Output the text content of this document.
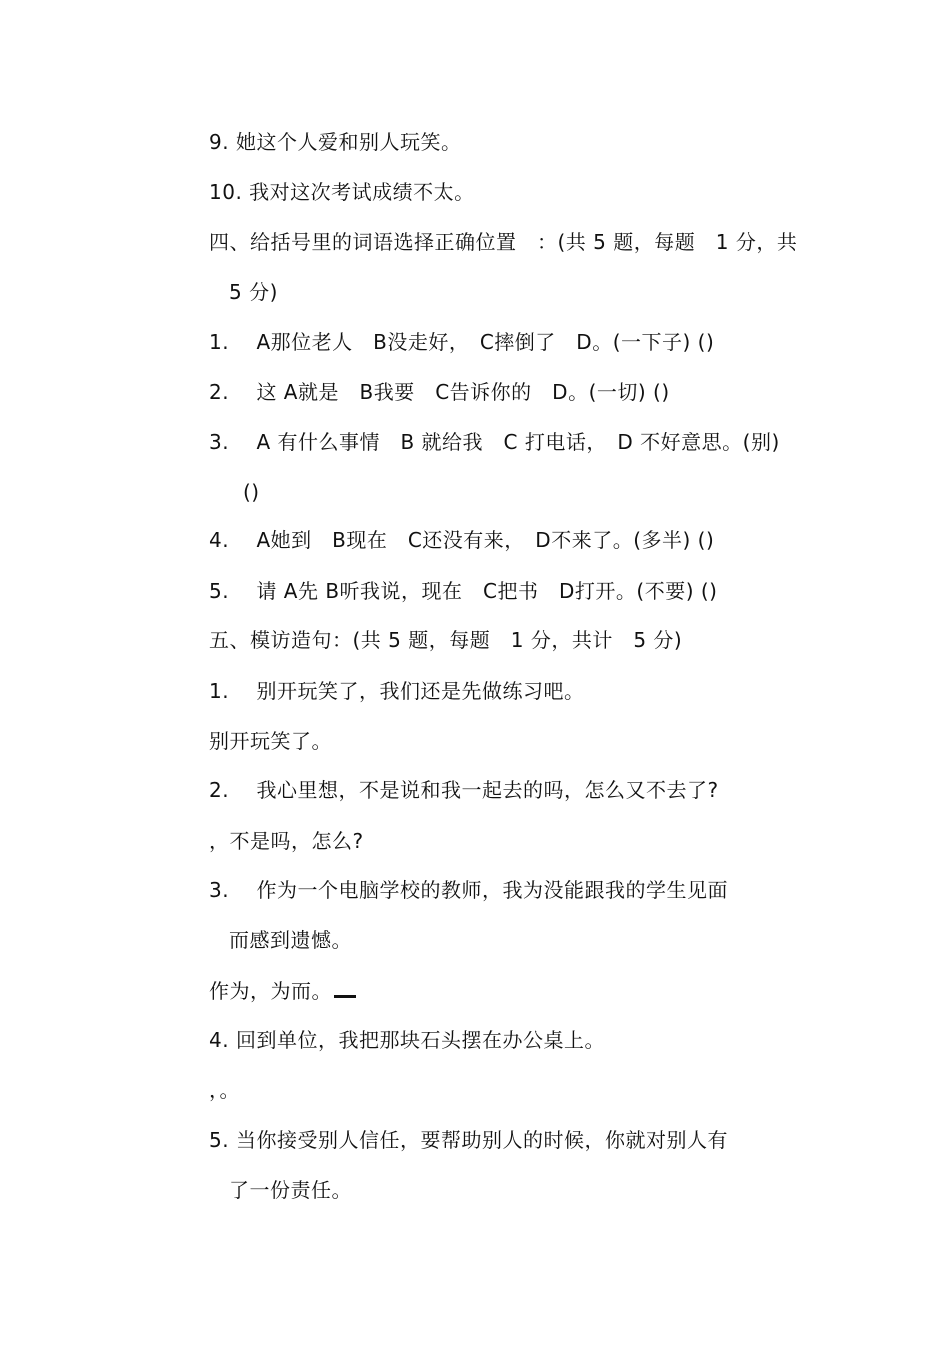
9. 她这个人爱和别人玩笑。
10. 我对这次考试成绩不太。
四、给括号里的词语选择正确位置　：(共 5 题，每题　1 分，共
5 分)
1.　 A那位老人　B没走好，　C摔倒了　D。(一下子) ()
2.　 这 A就是　B我要　C告诉你的　D。(一切) ()
3.　 A 有什么事情　B 就给我　C 打电话，　D 不好意思。(别)
()
4.　 A她到　B现在　C还没有来，　D不来了。(多半) ()
5.　 请 A先 B听我说，现在　C把书　D打开。(不要) ()
五、模访造句：(共 5 题，每题　1 分，共计　5 分)
1.　 别开玩笑了，我们还是先做练习吧。
别开玩笑了。
2.　 我心里想，不是说和我一起去的吗，怎么又不去了?
，不是吗，怎么?
3.　 作为一个电脑学校的教师，我为没能跟我的学生见面
而感到遗憾。
作为，为而。
4. 回到单位，我把那块石头摆在办公桌上。
，。
5. 当你接受别人信任，要帮助别人的时候，你就对别人有
了一份责任。
